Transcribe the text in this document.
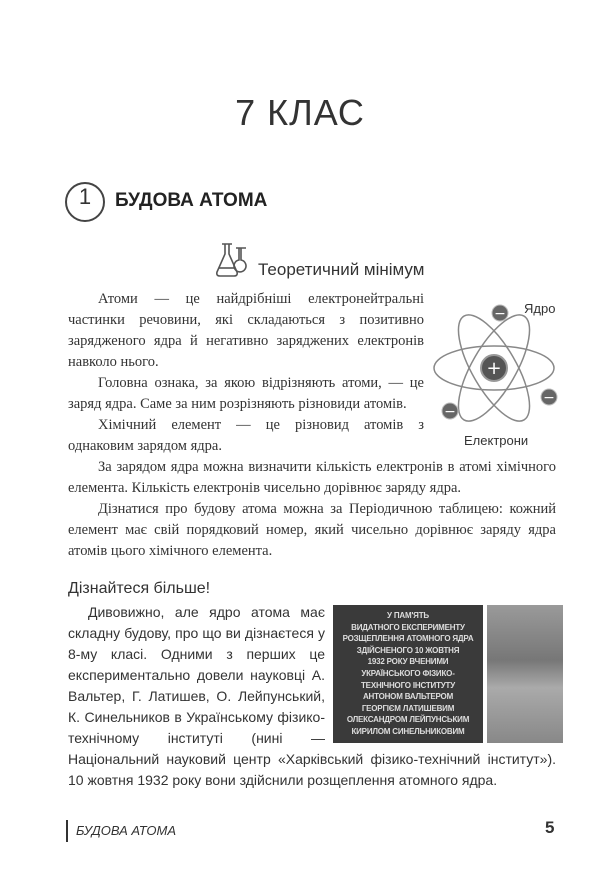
7 КЛАС
1	БУДОВА АТОМА
Теоретичний мінімум
+
−
−
−
Ядро
Електрони

Атоми — це найдрібніші електронейтральні частинки речовини, які складаються з позитивно зарядженого ядра й негативно заряджених електронів навколо нього.

Головна ознака, за якою відрізняють атоми, — це заряд ядра. Саме за ним розрізняють різновиди атомів.

Хімічний елемент — це різновид атомів з однаковим зарядом ядра.

За зарядом ядра можна визначити кількість електронів в атомі хімічного елемента. Кількість електронів чисельно дорівнює заряду ядра.

Дізнатися про будову атома можна за Періодичною таблицею: кожний елемент має свій порядковий номер, який чисельно дорівнює заряду ядра атомів цього хімічного елемента.

Дізнайтеся більше!
У ПАМ'ЯТЬ
ВИДАТНОГО ЕКСПЕРИМЕНТУ
РОЗЩЕПЛЕННЯ АТОМНОГО ЯДРА
ЗДІЙСНЕНОГО 10 ЖОВТНЯ
1932 РОКУ ВЧЕНИМИ
УКРАЇНСЬКОГО ФІЗИКО-
ТЕХНІЧНОГО ІНСТИТУТУ
АНТОНОМ ВАЛЬТЕРОМ
ГЕОРГІЄМ ЛАТИШЕВИМ
ОЛЕКСАНДРОМ ЛЕЙПУНСЬКИМ
КИРИЛОМ СИНЕЛЬНИКОВИМ
Дивовижно, але ядро атома має складну будову, про що ви дізнаєтеся у 8-му класі. Одними з перших це експериментально довели науковці А. Вальтер, Г. Латишев, О. Лейпунський, К. Синельников в Українському фізико-технічному інституті (нині — Національний науковий центр «Харківський фізико-технічний інститут»). 10 жовтня 1932 року вони здійснили розщеплення атомного ядра.
БУДОВА АТОМА	5
